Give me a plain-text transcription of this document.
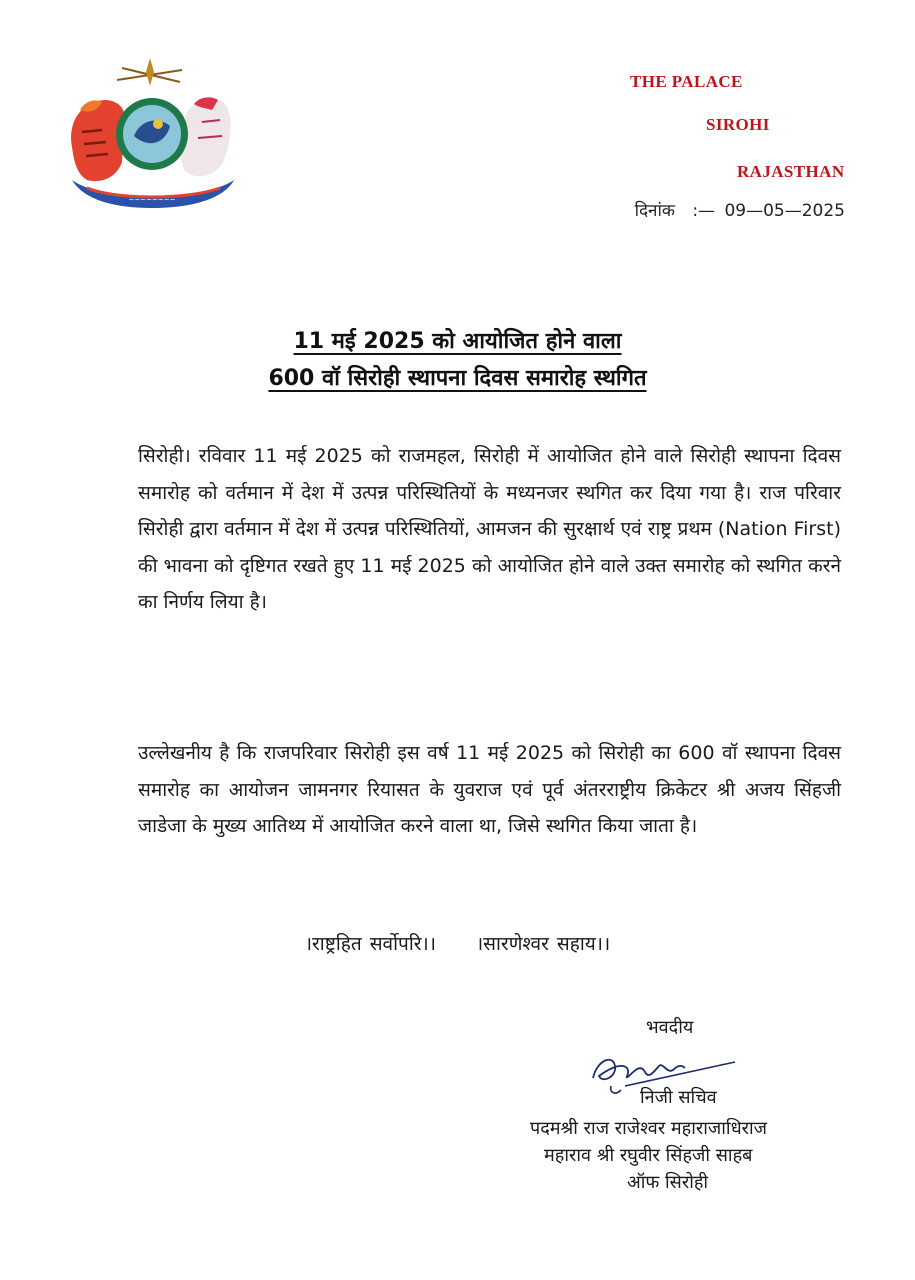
~~~~~~~~
THE PALACE
SIROHI
RAJASTHAN
दिनांक :— 09—05—2025
11 मई 2025 को आयोजित होने वाला
600 वॉ सिरोही स्थापना दिवस समारोह स्थगित
सिरोही। रविवार 11 मई 2025 को राजमहल, सिरोही में आयोजित होने वाले सिरोही स्थापना दिवस समारोह को वर्तमान में देश में उत्पन्न परिस्थितियों के मध्यनजर स्थगित कर दिया गया है। राज परिवार सिरोही द्वारा वर्तमान में देश में उत्पन्न परिस्थितियों, आमजन की सुरक्षार्थ एवं राष्ट्र प्रथम (Nation First) की भावना को दृष्टिगत रखते हुए 11 मई 2025 को आयोजित होने वाले उक्त समारोह को स्थगित करने का निर्णय लिया है।
उल्लेखनीय है कि राजपरिवार सिरोही इस वर्ष 11 मई 2025 को सिरोही का 600 वॉ स्थापना दिवस समारोह का आयोजन जामनगर रियासत के युवराज एवं पूर्व अंतरराष्ट्रीय क्रिकेटर श्री अजय सिंहजी जाडेजा के मुख्य आतिथ्य में आयोजित करने वाला था, जिसे स्थगित किया जाता है।
।राष्ट्रहित सर्वोपरि।। ।सारणेश्वर सहाय।।
भवदीय
निजी सचिव
पदमश्री राज राजेश्वर महाराजाधिराज
महाराव श्री रघुवीर सिंहजी साहब
ऑफ सिरोही
